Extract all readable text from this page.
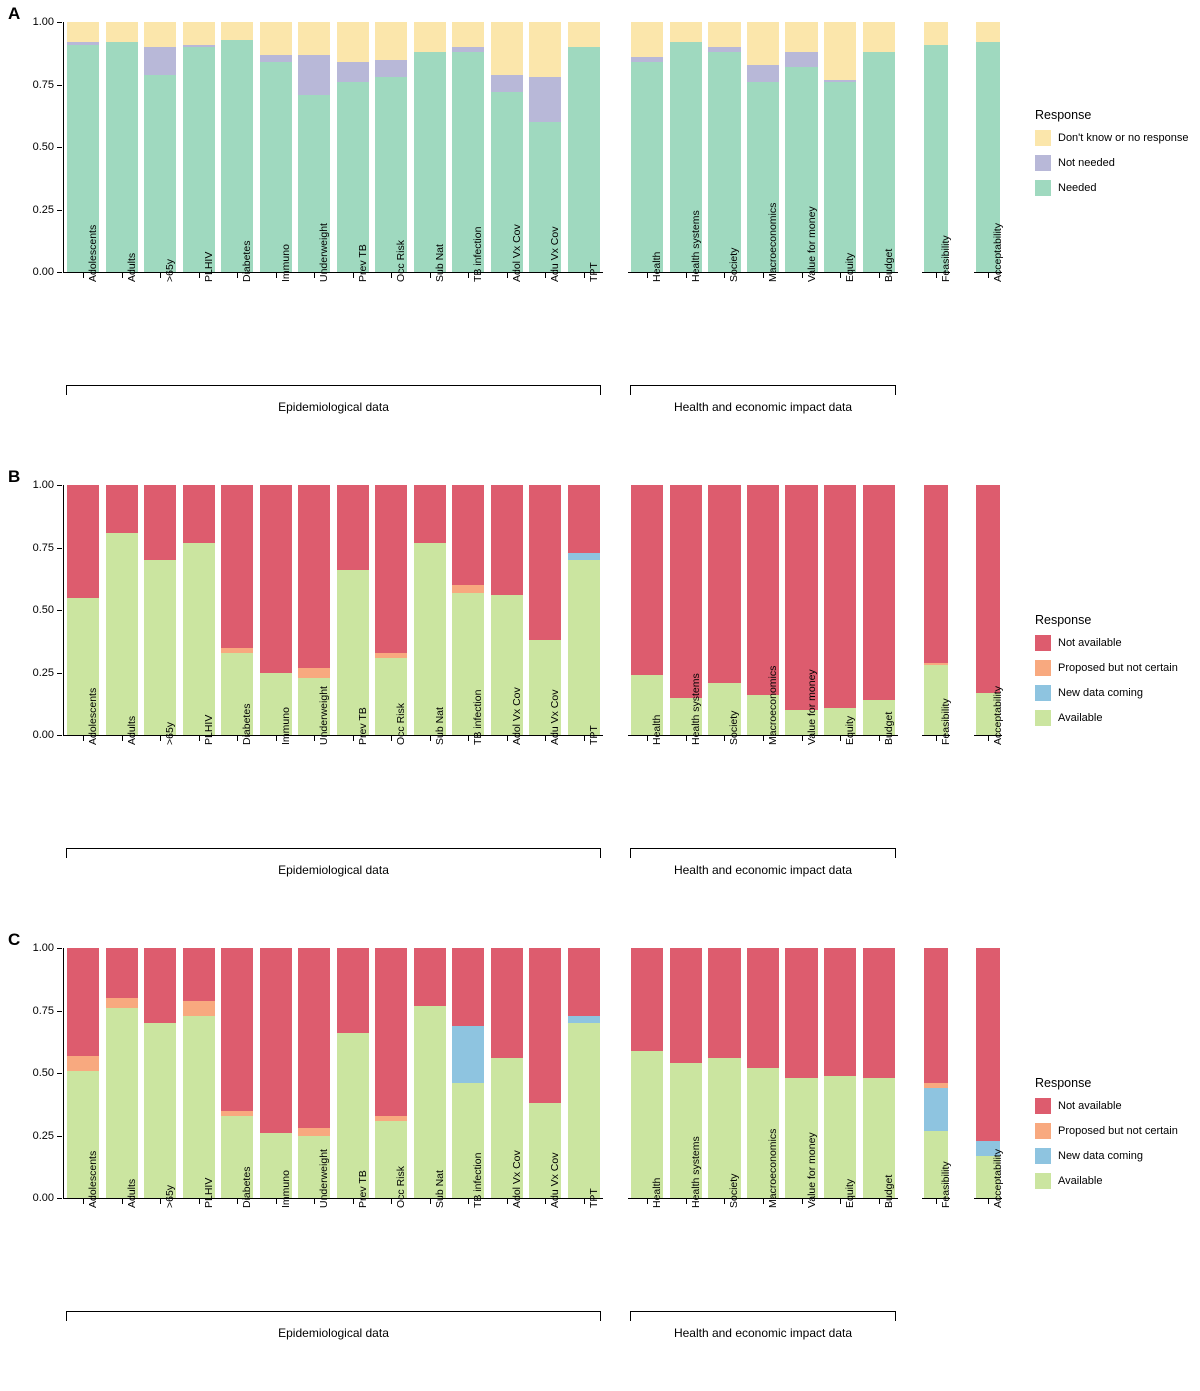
A
0.00
0.25
0.50
0.75
1.00
Adolescents	Adults	>65y	PLHIV	Diabetes	Immuno	Underweight	Prev TB	Occ Risk	Sub Nat	TB infection	Adol Vx Cov	Adu Vx Cov	TPT
Epidemiological data
Health	Health systems	Society	Macroeconomics	Value for money	Equity	Budget
Health and economic impact data
Feasibility	Acceptability
Response
Don't know or no response
Not needed
Needed
B
0.00
0.25
0.50
0.75
1.00
Adolescents	Adults	>65y	PLHIV	Diabetes	Immuno	Underweight	Prev TB	Occ Risk	Sub Nat	TB infection	Adol Vx Cov	Adu Vx Cov	TPT
Epidemiological data
Health	Health systems	Society	Macroeconomics	Value for money	Equity	Budget
Health and economic impact data
Feasibility	Acceptability
Response
Not available
Proposed but not certain
New data coming
Available
C
0.00
0.25
0.50
0.75
1.00
Adolescents	Adults	>65y	PLHIV	Diabetes	Immuno	Underweight	Prev TB	Occ Risk	Sub Nat	TB infection	Adol Vx Cov	Adu Vx Cov	TPT
Epidemiological data
Health	Health systems	Society	Macroeconomics	Value for money	Equity	Budget
Health and economic impact data
Feasibility	Acceptability
Response
Not available
Proposed but not certain
New data coming
Available
